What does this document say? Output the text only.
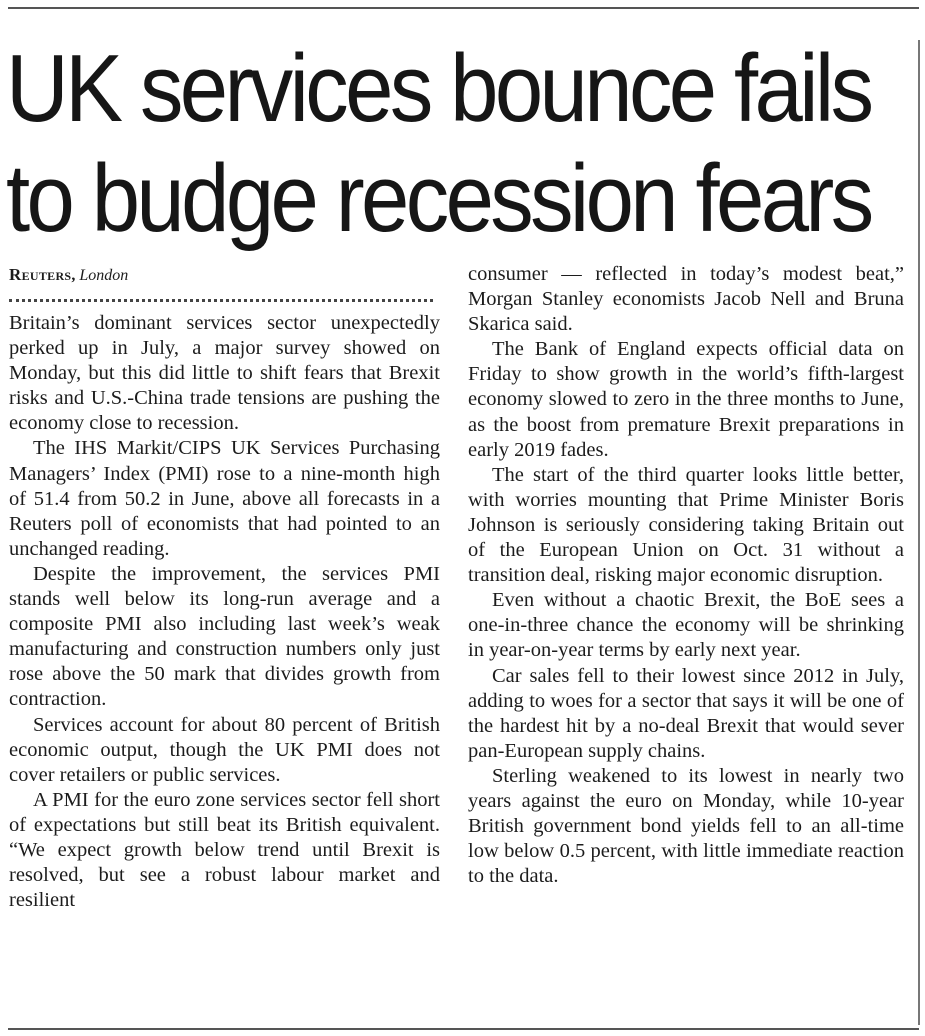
UK services bounce fails
to budge recession fears
Reuters, London

Britain’s dominant services sector unexpectedly perked up in July, a major survey showed on Monday, but this did little to shift fears that Brexit risks and U.S.-China trade tensions are pushing the economy close to recession.

The IHS Markit/CIPS UK Services Purchasing Managers’ Index (PMI) rose to a nine-month high of 51.4 from 50.2 in June, above all forecasts in a Reuters poll of economists that had pointed to an unchanged reading.

Despite the improvement, the services PMI stands well below its long-run average and a composite PMI also including last week’s weak manufacturing and construction numbers only just rose above the 50 mark that divides growth from contraction.

Services account for about 80 percent of British economic output, though the UK PMI does not cover retailers or public services.

A PMI for the euro zone services sector fell short of expectations but still beat its British equivalent. “We expect growth below trend until Brexit is resolved, but see a robust labour market and resilient

consumer — reflected in today’s modest beat,” Morgan Stanley economists Jacob Nell and Bruna Skarica said.

The Bank of England expects official data on Friday to show growth in the world’s fifth-largest economy slowed to zero in the three months to June, as the boost from premature Brexit preparations in early 2019 fades.

The start of the third quarter looks little better, with worries mounting that Prime Minister Boris Johnson is seriously considering taking Britain out of the European Union on Oct. 31 without a transition deal, risking major economic disruption.

Even without a chaotic Brexit, the BoE sees a one-in-three chance the economy will be shrinking in year-on-year terms by early next year.

Car sales fell to their lowest since 2012 in July, adding to woes for a sector that says it will be one of the hardest hit by a no-deal Brexit that would sever pan-European supply chains.

Sterling weakened to its lowest in nearly two years against the euro on Monday, while 10-year British government bond yields fell to an all-time low below 0.5 percent, with little immediate reaction to the data.
